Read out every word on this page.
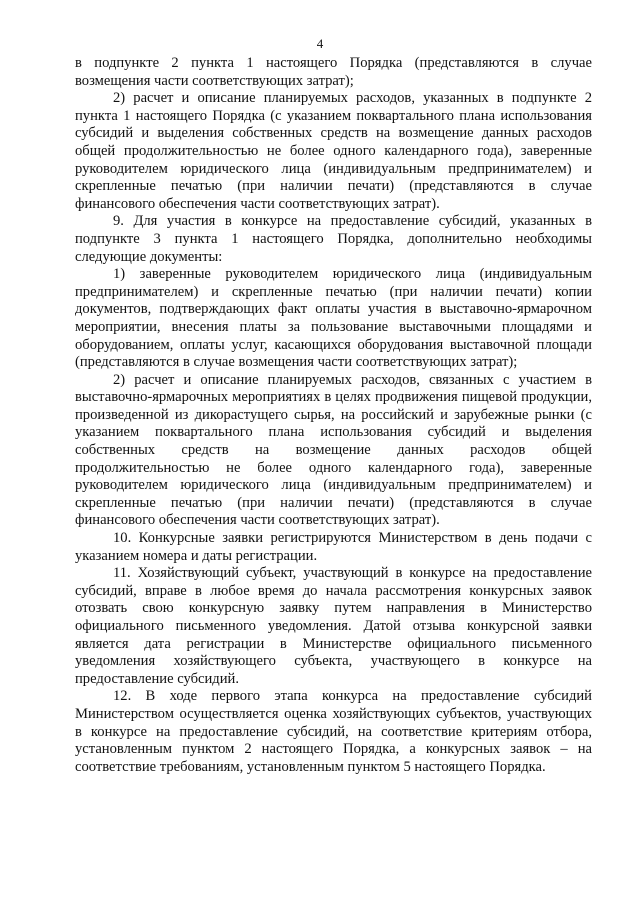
4

в подпункте 2 пункта 1 настоящего Порядка (представляются в случае возмещения части соответствующих затрат);

2) расчет и описание планируемых расходов, указанных в подпункте 2 пункта 1 настоящего Порядка (с указанием поквартального плана использования субсидий и выделения собственных средств на возмещение данных расходов общей продолжительностью не более одного календарного года), заверенные руководителем юридического лица (индивидуальным предпринимателем) и скрепленные печатью (при наличии печати) (представляются в случае финансового обеспечения части соответствующих затрат).

9. Для участия в конкурсе на предоставление субсидий, указанных в подпункте 3 пункта 1 настоящего Порядка, дополнительно необходимы следующие документы:

1) заверенные руководителем юридического лица (индивидуальным предпринимателем) и скрепленные печатью (при наличии печати) копии документов, подтверждающих факт оплаты участия в выставочно-ярмарочном мероприятии, внесения платы за пользование выставочными площадями и оборудованием, оплаты услуг, касающихся оборудования выставочной площади (представляются в случае возмещения части соответствующих затрат);

2) расчет и описание планируемых расходов, связанных с участием в выставочно-ярмарочных мероприятиях в целях продвижения пищевой продукции, произведенной из дикорастущего сырья, на российский и зарубежные рынки (с указанием поквартального плана использования субсидий и выделения собственных средств на возмещение данных расходов общей продолжительностью не более одного календарного года), заверенные руководителем юридического лица (индивидуальным предпринимателем) и скрепленные печатью (при наличии печати) (представляются в случае финансового обеспечения части соответствующих затрат).

10. Конкурсные заявки регистрируются Министерством в день подачи с указанием номера и даты регистрации.

11. Хозяйствующий субъект, участвующий в конкурсе на предоставление субсидий, вправе в любое время до начала рассмотрения конкурсных заявок отозвать свою конкурсную заявку путем направления в Министерство официального письменного уведомления. Датой отзыва конкурсной заявки является дата регистрации в Министерстве официального письменного уведомления хозяйствующего субъекта, участвующего в конкурсе на предоставление субсидий.

12. В ходе первого этапа конкурса на предоставление субсидий Министерством осуществляется оценка хозяйствующих субъектов, участвующих в конкурсе на предоставление субсидий, на соответствие критериям отбора, установленным пунктом 2 настоящего Порядка, а конкурсных заявок – на соответствие требованиям, установленным пунктом 5 настоящего Порядка.
